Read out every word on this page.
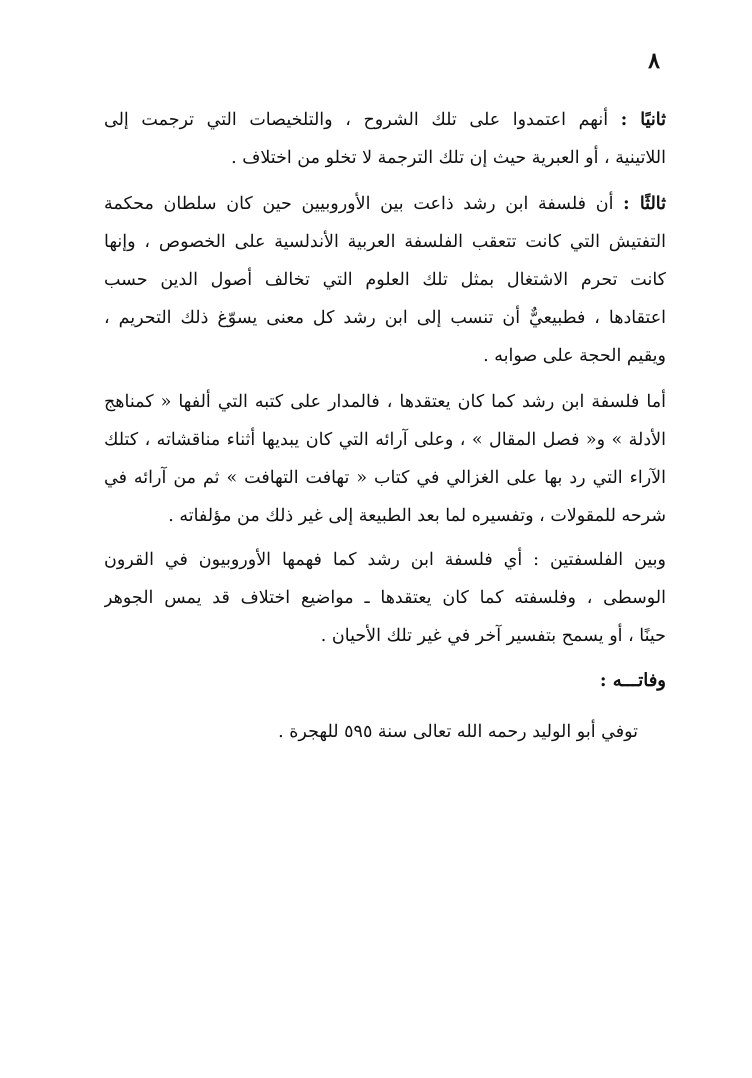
٨
ثانيًا : أنهم اعتمدوا على تلك الشروح ، والتلخيصات التي ترجمت إلى
اللاتينية ، أو العبرية حيث إن تلك الترجمة لا تخلو من اختلاف .
ثالثًا : أن فلسفة ابن رشد ذاعت بين الأوروبيين حين كان سلطان محكمة
التفتيش التي كانت تتعقب الفلسفة العربية الأندلسية على الخصوص ، وإنها
كانت تحرم الاشتغال بمثل تلك العلوم التي تخالف أصول الدين حسب
اعتقادها ، فطبيعيٌّ أن تنسب إلى ابن رشد كل معنى يسوّغ ذلك التحريم ،
ويقيم الحجة على صوابه .
أما فلسفة ابن رشد كما كان يعتقدها ، فالمدار على كتبه التي ألفها « كمناهج
الأدلة » و« فصل المقال » ، وعلى آرائه التي كان يبديها أثناء مناقشاته ، كتلك
الآراء التي رد بها على الغزالي في كتاب « تهافت التهافت » ثم من آرائه في
شرحه للمقولات ، وتفسيره لما بعد الطبيعة إلى غير ذلك من مؤلفاته .
وبين الفلسفتين : أي فلسفة ابن رشد كما فهمها الأوروبيون في القرون
الوسطى ، وفلسفته كما كان يعتقدها ـ مواضيع اختلاف قد يمس الجوهر
حينًا ، أو يسمح بتفسير آخر في غير تلك الأحيان .
وفاتـــه :
توفي أبو الوليد رحمه الله تعالى سنة ٥٩٥ للهجرة .
